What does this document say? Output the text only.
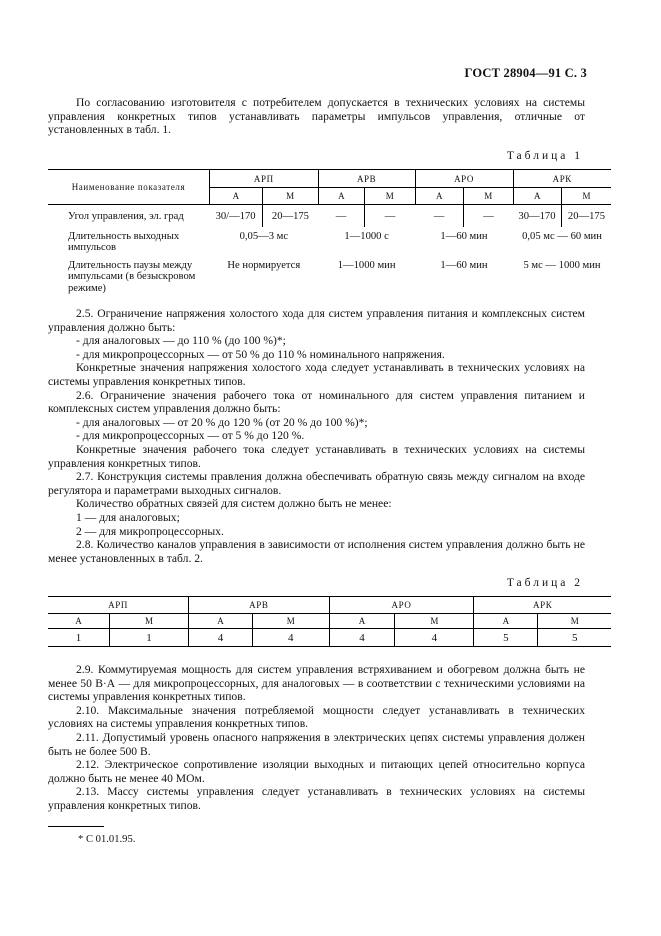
ГОСТ 28904—91 С. 3

По согласованию изготовителя с потребителем допускается в технических условиях на системы управления конкретных типов устанавливать параметры импульсов управления, отличные от установленных в табл. 1.

Таблица 1
Наименование показателя	АРП		АРВ		АРО		АРК	
	А	М	А	М	А	М	А	М
Угол управления, эл. град	30/—170	20—175	—	—	—	—	30—170	20—175
Длительность выходных импульсов	0,05—3 мс		1—1000 с		1—60 мин		0,05 мс — 60 мин	
Длительность паузы между импульсами (в безыскровом режиме)	Не нормируется		1—1000 мин		1—60 мин		5 мс — 1000 мин	

2.5. Ограничение напряжения холостого хода для систем управления питания и комплексных систем управления должно быть:

- для аналоговых — до 110 % (до 100 %)*;

- для микропроцессорных — от 50 % до 110 % номинального напряжения.

Конкретные значения напряжения холостого хода следует устанавливать в технических условиях на системы управления конкретных типов.

2.6. Ограничение значения рабочего тока от номинального для систем управления питанием и комплексных систем управления должно быть:

- для аналоговых — от 20 % до 120 % (от 20 % до 100 %)*;

- для микропроцессорных — от 5 % до 120 %.

Конкретные значения рабочего тока следует устанавливать в технических условиях на системы управления конкретных типов.

2.7. Конструкция системы правления должна обеспечивать обратную связь между сигналом на входе регулятора и параметрами выходных сигналов.

Количество обратных связей для систем должно быть не менее:

1 — для аналоговых;

2 — для микропроцессорных.

2.8. Количество каналов управления в зависимости от исполнения систем управления должно быть не менее установленных в табл. 2.

Таблица 2
АРП		АРВ		АРО		АРК	
А	М	А	М	А	М	А	М
1	1	4	4	4	4	5	5

2.9. Коммутируемая мощность для систем управления встряхиванием и обогревом должна быть не менее 50 В·А — для микропроцессорных, для аналоговых — в соответствии с техническими условиями на системы управления конкретных типов.

2.10. Максимальные значения потребляемой мощности следует устанавливать в технических условиях на системы управления конкретных типов.

2.11. Допустимый уровень опасного напряжения в электрических цепях системы управления должен быть не более 500 В.

2.12. Электрическое сопротивление изоляции выходных и питающих цепей относительно корпуса должно быть не менее 40 МОм.

2.13. Массу системы управления следует устанавливать в технических условиях на системы управления конкретных типов.

* С 01.01.95.
